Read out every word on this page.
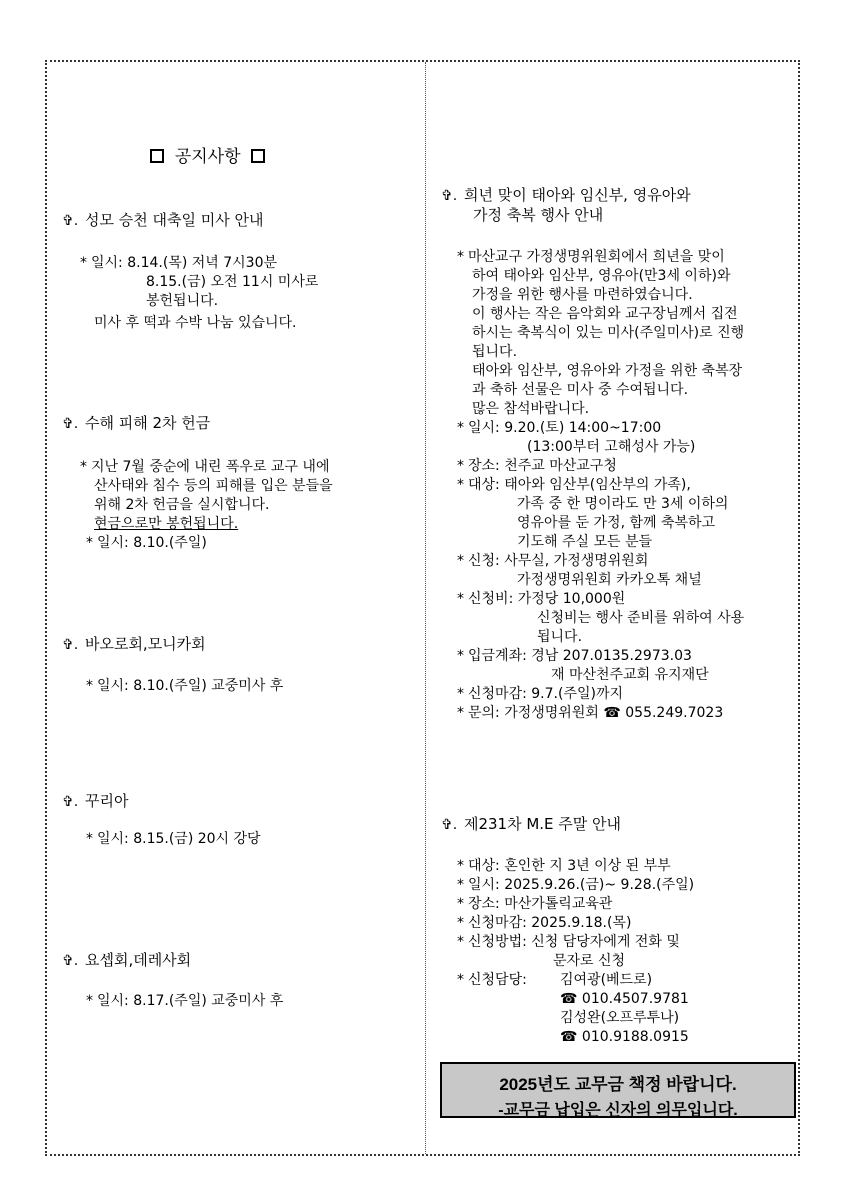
공지사항
✞. 성모 승천 대축일 미사 안내
* 일시: 8.14.(목) 저녁 7시30분
8.15.(금) 오전 11시 미사로
봉헌됩니다.
미사 후 떡과 수박 나눔 있습니다.
✞. 수해 피해 2차 헌금
* 지난 7월 중순에 내린 폭우로 교구 내에
산사태와 침수 등의 피해를 입은 분들을
위해 2차 헌금을 실시합니다.
현금으로만 봉헌됩니다.
* 일시: 8.10.(주일)
✞. 바오로회,모니카회
* 일시: 8.10.(주일) 교중미사 후
✞. 꾸리아
* 일시: 8.15.(금) 20시 강당
✞. 요셉회,데레사회
* 일시: 8.17.(주일) 교중미사 후
✞. 희년 맞이 태아와 임신부, 영유아와
가정 축복 행사 안내
* 마산교구 가정생명위원회에서 희년을 맞이
하여 태아와 임산부, 영유아(만3세 이하)와
가정을 위한 행사를 마련하였습니다.
이 행사는 작은 음악회와 교구장님께서 집전
하시는 축복식이 있는 미사(주일미사)로 진행
됩니다.
태아와 임산부, 영유아와 가정을 위한 축복장
과 축하 선물은 미사 중 수여됩니다.
많은 참석바랍니다.
* 일시: 9.20.(토) 14:00~17:00
(13:00부터 고해성사 가능)
* 장소: 천주교 마산교구청
* 대상: 태아와 임산부(임산부의 가족),
가족 중 한 명이라도 만 3세 이하의
영유아를 둔 가정, 함께 축복하고
기도해 주실 모든 분들
* 신청: 사무실, 가정생명위원회
가정생명위원회 카카오톡 채널
* 신청비: 가정당 10,000원
신청비는 행사 준비를 위하여 사용
됩니다.
* 입금계좌: 경남 207.0135.2973.03
재 마산천주교회 유지재단
* 신청마감: 9.7.(주일)까지
* 문의: 가정생명위원회 ☎ 055.249.7023
✞. 제231차 M.E 주말 안내
* 대상: 혼인한 지 3년 이상 된 부부
* 일시: 2025.9.26.(금)~ 9.28.(주일)
* 장소: 마산가톨릭교육관
* 신청마감: 2025.9.18.(목)
* 신청방법: 신청 담당자에게 전화 및
문자로 신청
* 신청담당: 김여광(베드로)
☎ 010.4507.9781
김성완(오프루투나)
☎ 010.9188.0915
2025년도 교무금 책정 바랍니다.
-교무금 납입은 신자의 의무입니다.
